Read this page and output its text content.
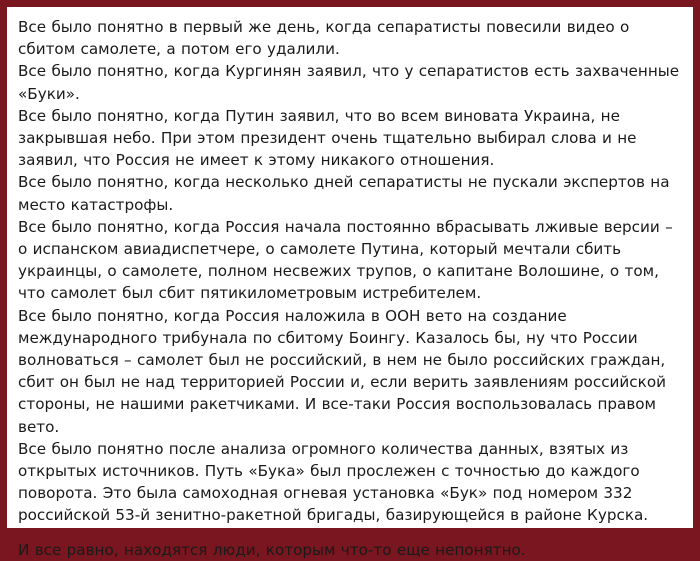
Все было понятно в первый же день, когда сепаратисты повесили видео о сбитом самолете, а потом его удалили.

Все было понятно, когда Кургинян заявил, что у сепаратистов есть захваченные «Буки».

Все было понятно, когда Путин заявил, что во всем виновата Украина, не закрывшая небо. При этом президент очень тщательно выбирал слова и не заявил, что Россия не имеет к этому никакого отношения.

Все было понятно, когда несколько дней сепаратисты не пускали экспертов на место катастрофы.

Все было понятно, когда Россия начала постоянно вбрасывать лживые версии – о испанском авиадиспетчере, о самолете Путина, который мечтали сбить украинцы, о самолете, полном несвежих трупов, о капитане Волошине, о том, что самолет был сбит пятикилометровым истребителем.

Все было понятно, когда Россия наложила в ООН вето на создание международного трибунала по сбитому Боингу. Казалось бы, ну что России волноваться – самолет был не российский, в нем не было российских граждан, сбит он был не над территорией России и, если верить заявлениям российской стороны, не нашими ракетчиками. И все-таки Россия воспользовалась правом вето.

Все было понятно после анализа огромного количества данных, взятых из открытых источников. Путь «Бука» был прослежен с точностью до каждого поворота. Это была самоходная огневая установка «Бук» под номером 332 российской 53-й зенитно-ракетной бригады, базирующейся в районе Курска.

И все равно, находятся люди, которым что-то еще непонятно.
